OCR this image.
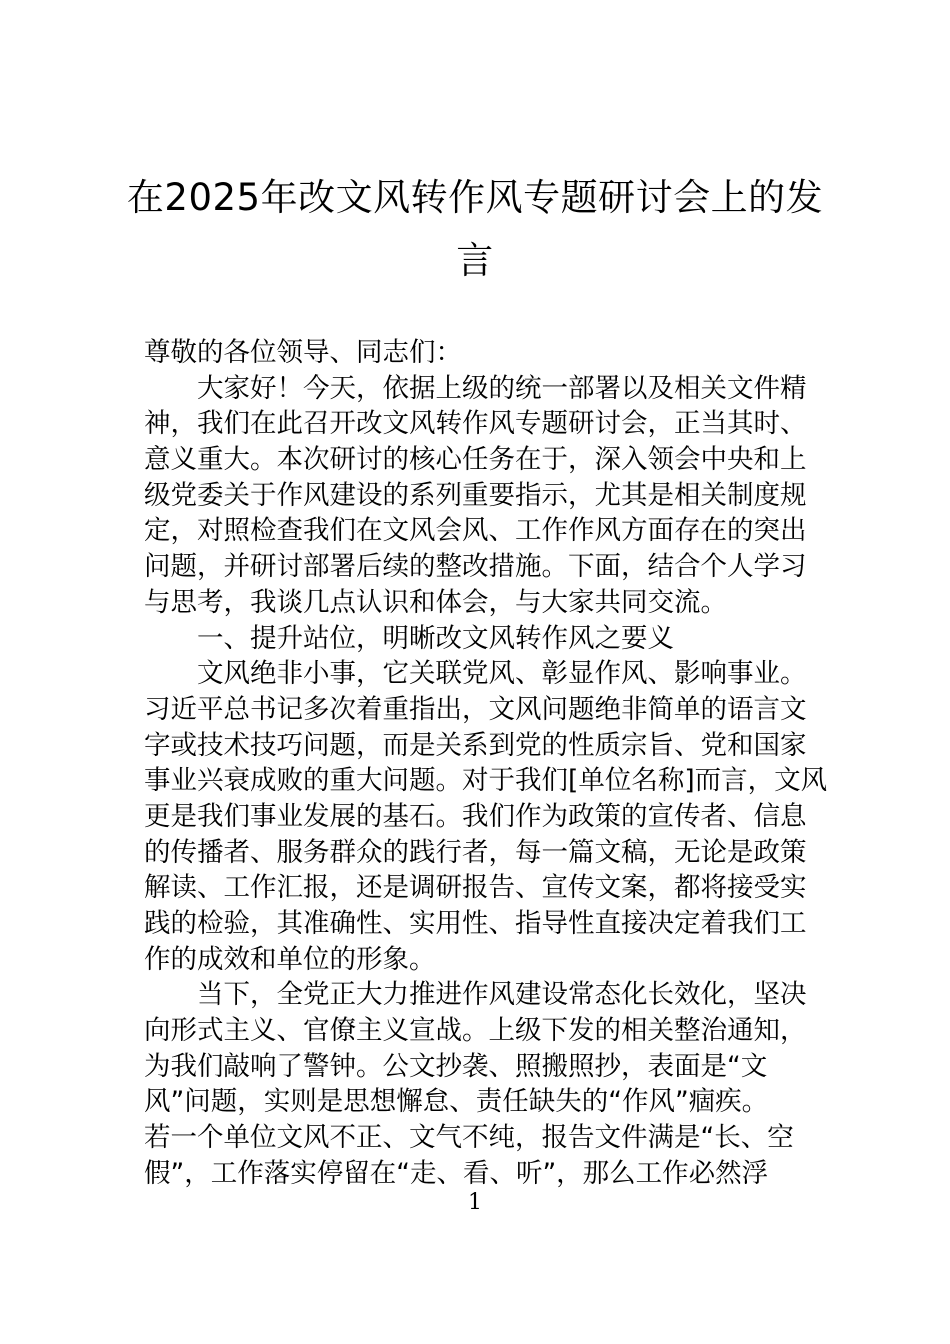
在2025年改文风转作风专题研讨会上的发
言
尊敬的各位领导、同志们：
大家好！今天，依据上级的统一部署以及相关文件精
神，我们在此召开改文风转作风专题研讨会，正当其时、
意义重大。本次研讨的核心任务在于，深入领会中央和上
级党委关于作风建设的系列重要指示，尤其是相关制度规
定，对照检查我们在文风会风、工作作风方面存在的突出
问题，并研讨部署后续的整改措施。下面，结合个人学习
与思考，我谈几点认识和体会，与大家共同交流。
一、提升站位，明晰改文风转作风之要义
文风绝非小事，它关联党风、彰显作风、影响事业。
习近平总书记多次着重指出，文风问题绝非简单的语言文
字或技术技巧问题，而是关系到党的性质宗旨、党和国家
事业兴衰成败的重大问题。对于我们[单位名称]而言，文风
更是我们事业发展的基石。我们作为政策的宣传者、信息
的传播者、服务群众的践行者，每一篇文稿，无论是政策
解读、工作汇报，还是调研报告、宣传文案，都将接受实
践的检验，其准确性、实用性、指导性直接决定着我们工
作的成效和单位的形象。
当下，全党正大力推进作风建设常态化长效化，坚决
向形式主义、官僚主义宣战。上级下发的相关整治通知，
为我们敲响了警钟。公文抄袭、照搬照抄，表面是“文
风”问题，实则是思想懈怠、责任缺失的“作风”痼疾。
若一个单位文风不正、文气不纯，报告文件满是“长、空
假”，工作落实停留在“走、看、听”，那么工作必然浮
1
